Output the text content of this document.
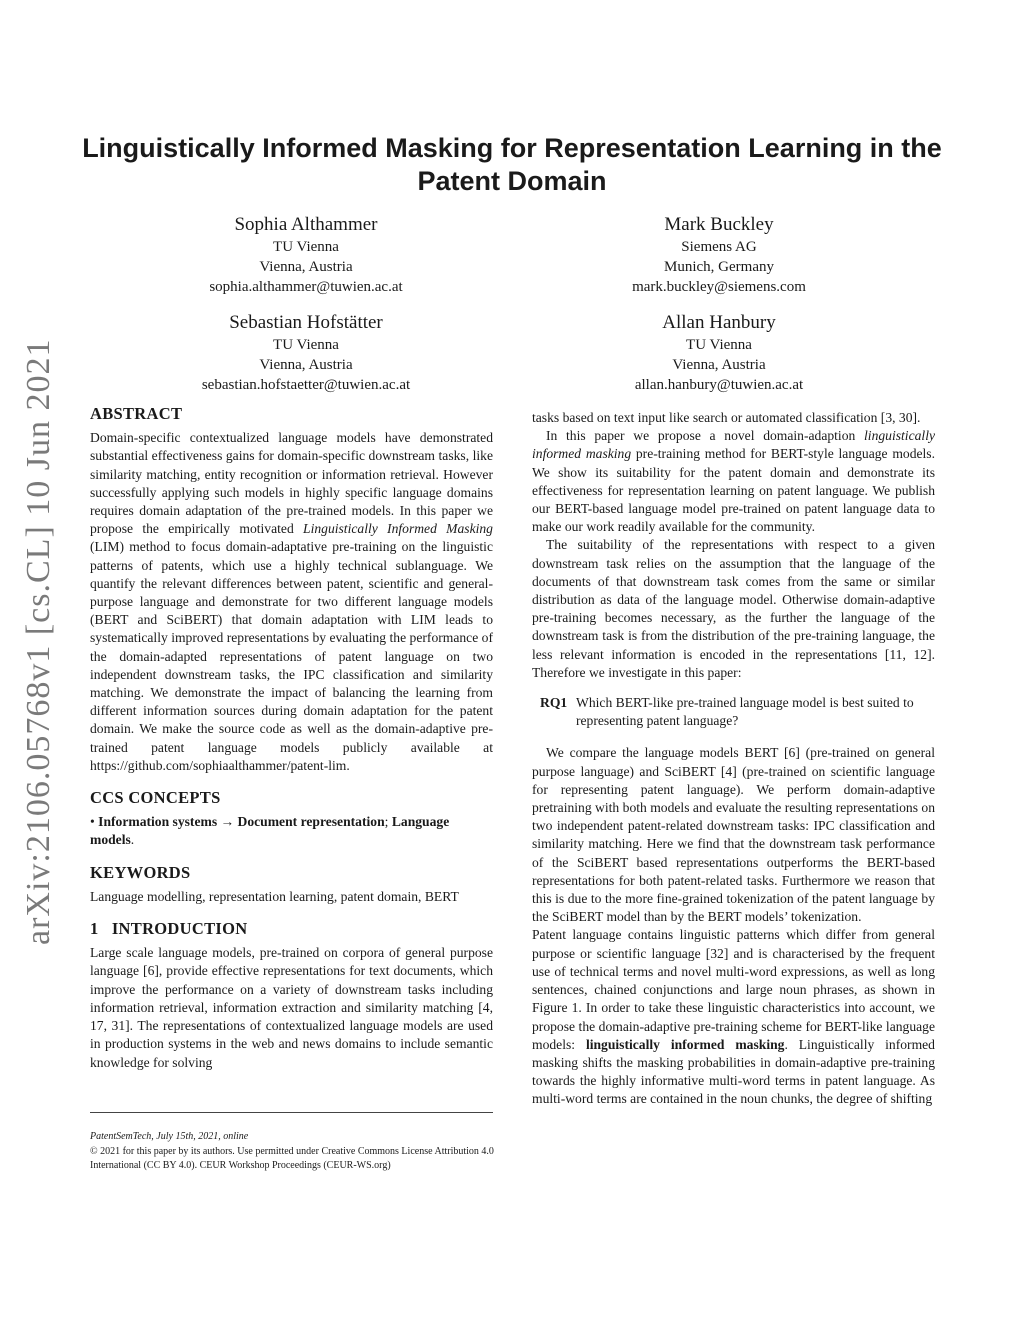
arXiv:2106.05768v1 [cs.CL] 10 Jun 2021
Linguistically Informed Masking for Representation Learning in the Patent Domain
Sophia Althammer
TU Vienna
Vienna, Austria
sophia.althammer@tuwien.ac.at
Mark Buckley
Siemens AG
Munich, Germany
mark.buckley@siemens.com
Sebastian Hofstätter
TU Vienna
Vienna, Austria
sebastian.hofstaetter@tuwien.ac.at
Allan Hanbury
TU Vienna
Vienna, Austria
allan.hanbury@tuwien.ac.at
ABSTRACT

Domain-specific contextualized language models have demonstrated substantial effectiveness gains for domain-specific downstream tasks, like similarity matching, entity recognition or information retrieval. However successfully applying such models in highly specific language domains requires domain adaptation of the pre-trained models. In this paper we propose the empirically motivated Linguistically Informed Masking (LIM) method to focus domain-adaptative pre-training on the linguistic patterns of patents, which use a highly technical sublanguage. We quantify the relevant differences between patent, scientific and general-purpose language and demonstrate for two different language models (BERT and SciBERT) that domain adaptation with LIM leads to systematically improved representations by evaluating the performance of the domain-adapted representations of patent language on two independent downstream tasks, the IPC classification and similarity matching. We demonstrate the impact of balancing the learning from different information sources during domain adaptation for the patent domain. We make the source code as well as the domain-adaptive pre-trained patent language models publicly available at https://github.com/sophiaalthammer/patent-lim.

CCS CONCEPTS

• Information systems → Document representation; Language models.

KEYWORDS

Language modelling, representation learning, patent domain, BERT

1   INTRODUCTION

Large scale language models, pre-trained on corpora of general purpose language [6], provide effective representations for text documents, which improve the performance on a variety of downstream tasks including information retrieval, information extraction and similarity matching [4, 17, 31]. The representations of contextualized language models are used in production systems in the web and news domains to include semantic knowledge for solving

PatentSemTech, July 15th, 2021, online
© 2021 for this paper by its authors. Use permitted under Creative Commons License Attribution 4.0 International (CC BY 4.0). CEUR Workshop Proceedings (CEUR-WS.org)

tasks based on text input like search or automated classification [3, 30].

In this paper we propose a novel domain-adaption linguistically informed masking pre-training method for BERT-style language models. We show its suitability for the patent domain and demonstrate its effectiveness for representation learning on patent language. We publish our BERT-based language model pre-trained on patent language data to make our work readily available for the community.

The suitability of the representations with respect to a given downstream task relies on the assumption that the language of the documents of that downstream task comes from the same or similar distribution as data of the language model. Otherwise domain-adaptive pre-training becomes necessary, as the further the language of the downstream task is from the distribution of the pre-training language, the less relevant information is encoded in the representations [11, 12]. Therefore we investigate in this paper:

RQ1 Which BERT-like pre-trained language model is best suited to representing patent language?

We compare the language models BERT [6] (pre-trained on general purpose language) and SciBERT [4] (pre-trained on scientific language for representing patent language). We perform domain-adaptive pretraining with both models and evaluate the resulting representations on two independent patent-related downstream tasks: IPC classification and similarity matching. Here we find that the downstream task performance of the SciBERT based representations outperforms the BERT-based representations for both patent-related tasks. Furthermore we reason that this is due to the more fine-grained tokenization of the patent language by the SciBERT model than by the BERT models’ tokenization.

Patent language contains linguistic patterns which differ from general purpose or scientific language [32] and is characterised by the frequent use of technical terms and novel multi-word expressions, as well as long sentences, chained conjunctions and large noun phrases, as shown in Figure 1. In order to take these linguistic characteristics into account, we propose the domain-adaptive pre-training scheme for BERT-like language models: linguistically informed masking. Linguistically informed masking shifts the masking probabilities in domain-adaptive pre-training towards the highly informative multi-word terms in patent language. As multi-word terms are contained in the noun chunks, the degree of shifting
